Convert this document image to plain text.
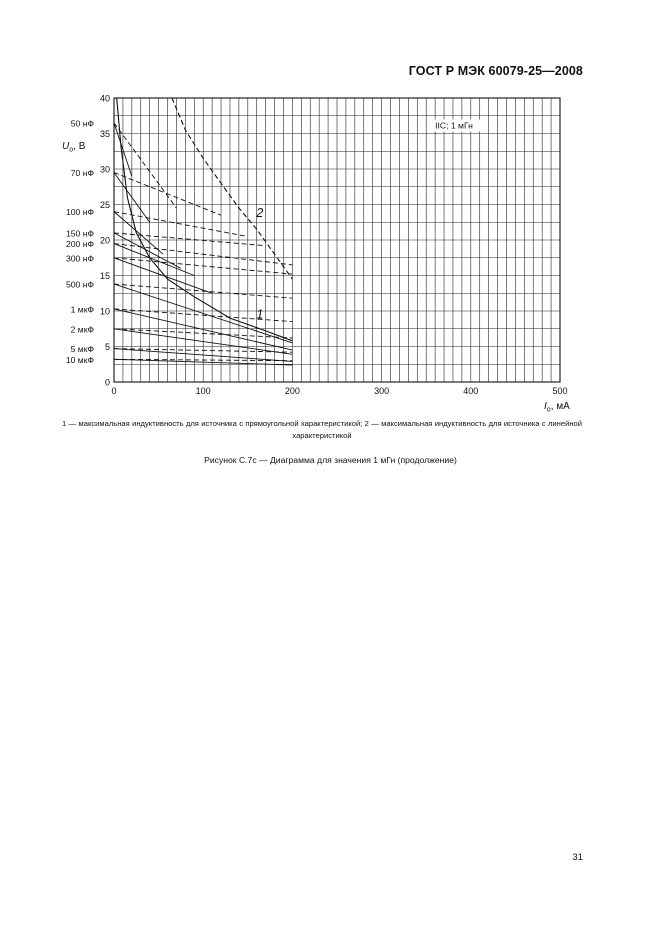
ГОСТ Р МЭК 60079-25—2008
0	100	200	300	400	500
0
5
10
15
20
25
30
35
40
$U_o$, В
$I_o$, мА
50 нФ
70 нФ
100 нФ
150 нФ
200 нФ
300 нФ
500 нФ
1 мкФ
2 мкФ
5 мкФ
10 мкФ
2
1
IIC; 1 мГн
1 — максимальная индуктивность для источника с прямоугольной характеристикой; 2 — максимальная индуктивность для источника с линейной характеристикой
Рисунок С.7с — Диаграмма для значения 1 мГн (продолжение)
31
